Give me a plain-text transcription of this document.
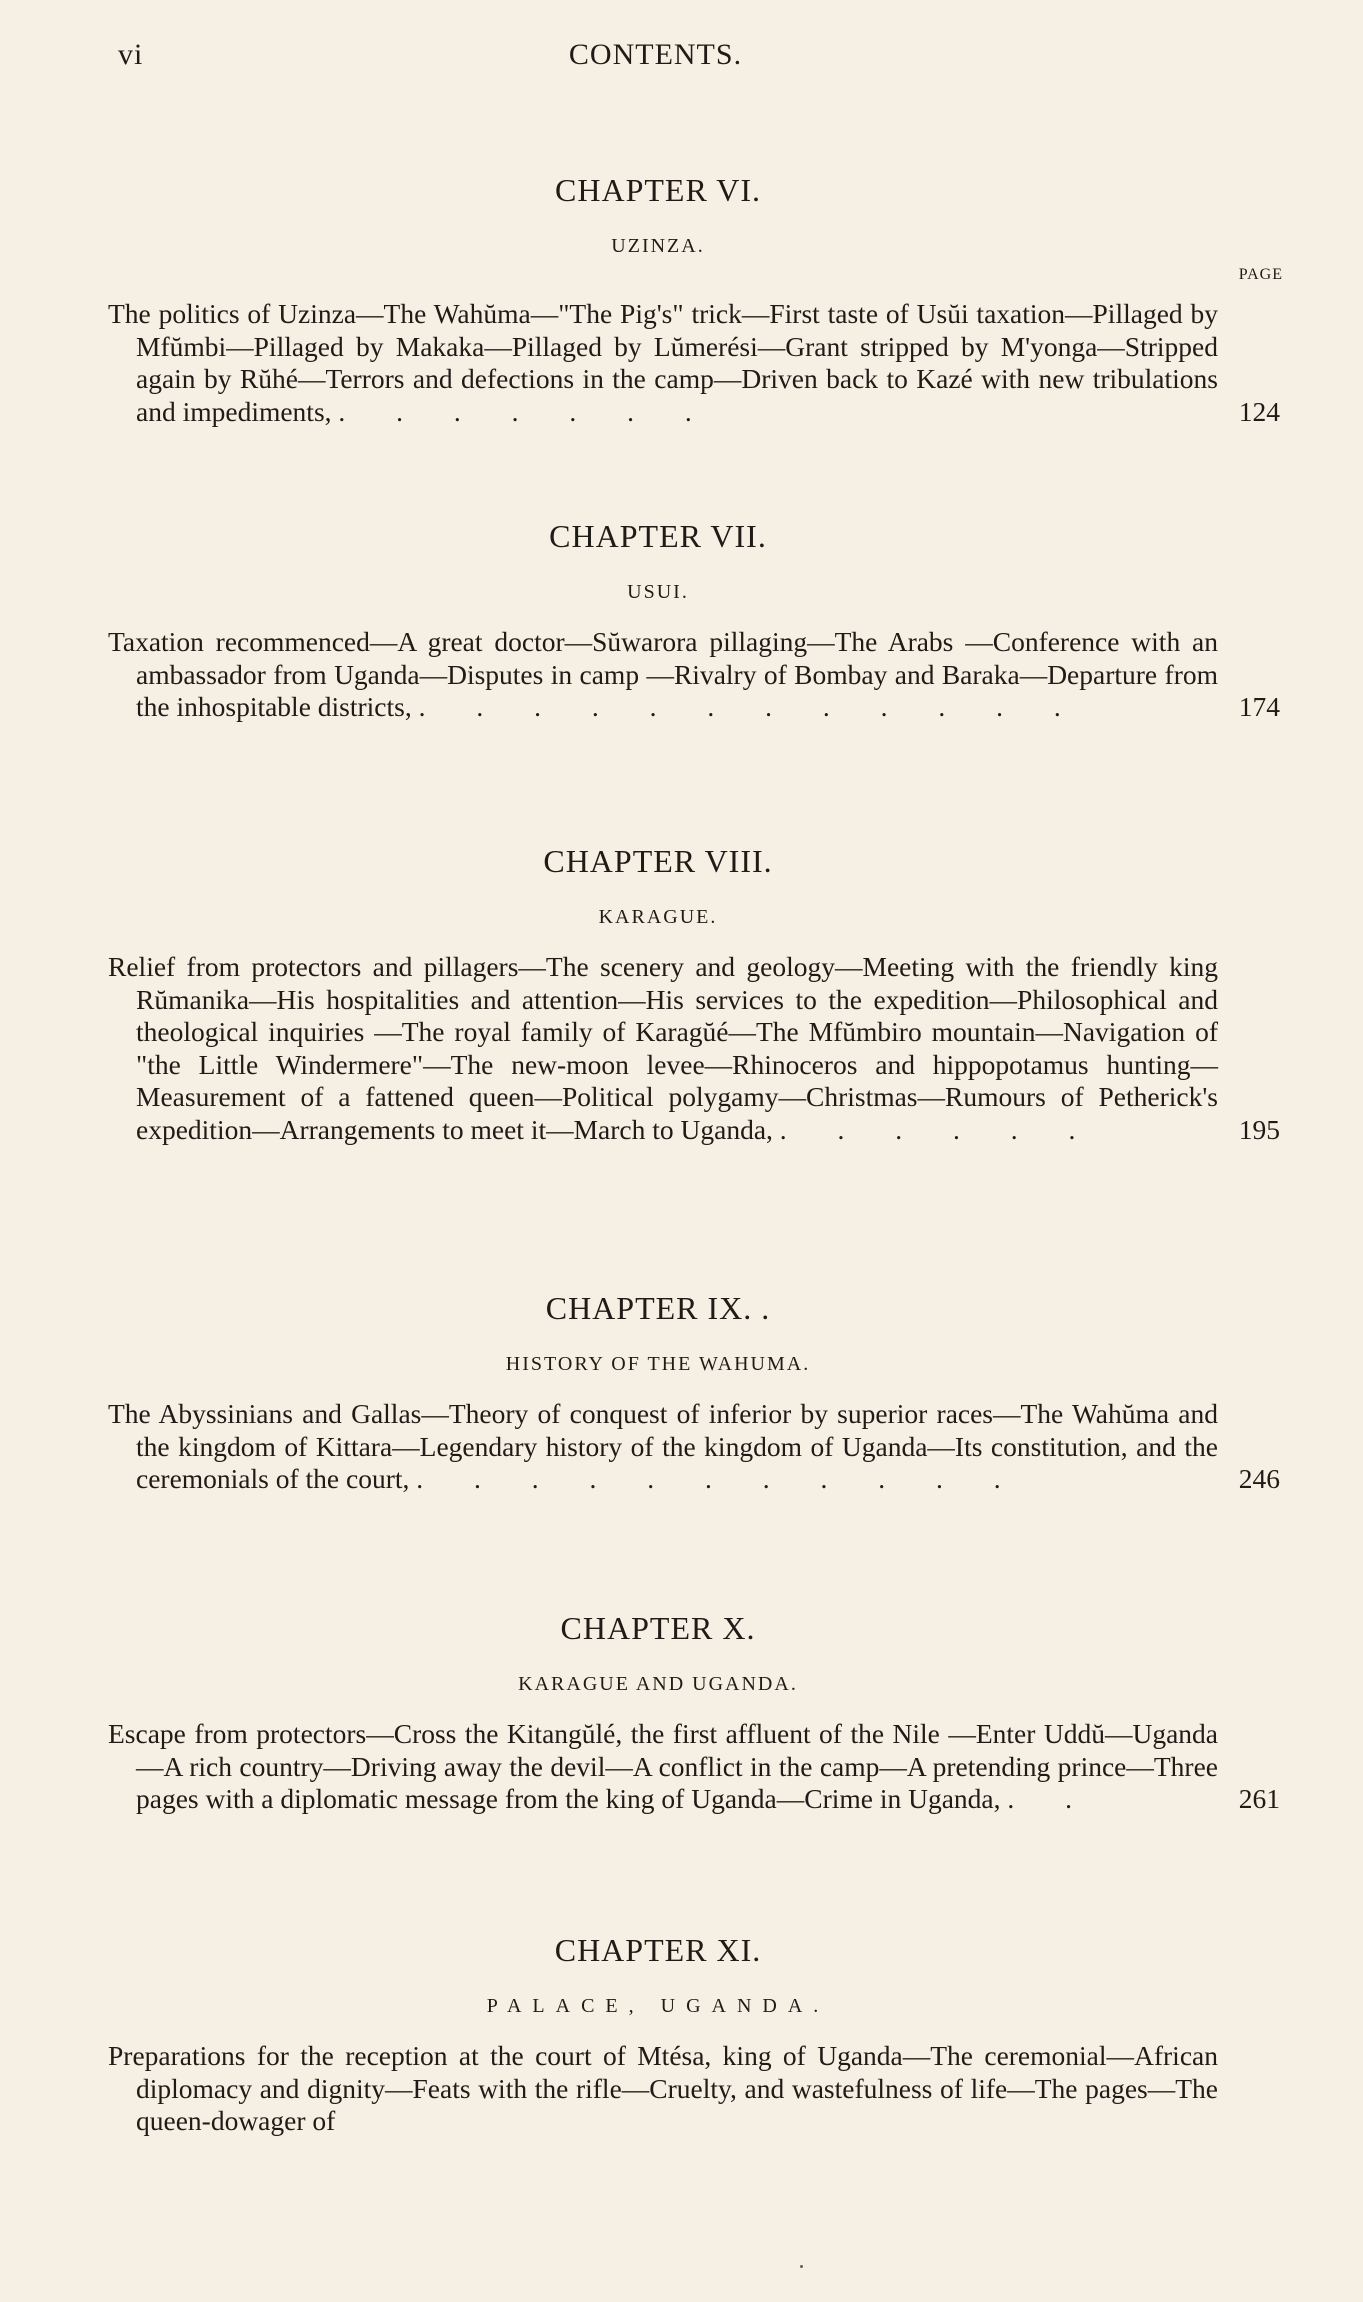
vi	CONTENTS.
PAGE
CHAPTER VI.
UZINZA.
The politics of Uzinza—The Wahŭma—"The Pig's" trick—First taste of Usŭi taxation—Pillaged by Mfŭmbi—Pillaged by Makaka—Pillaged by Lŭmerési—Grant stripped by M'yonga—Stripped again by Rŭhé—Terrors and defections in the camp—Driven back to Kazé with new tribulations and impediments, . . . . . . .	124
CHAPTER VII.
USUI.
Taxation recommenced—A great doctor—Sŭwarora pillaging—The Arabs —Conference with an ambassador from Uganda—Disputes in camp —Rivalry of Bombay and Baraka—Departure from the inhospitable districts, . . . . . . . . . . . .	174
CHAPTER VIII.
KARAGUE.
Relief from protectors and pillagers—The scenery and geology—Meeting with the friendly king Rŭmanika—His hospitalities and attention—His services to the expedition—Philosophical and theological inquiries —The royal family of Karagŭé—The Mfŭmbiro mountain—Navigation of "the Little Windermere"—The new-moon levee—Rhinoceros and hippopotamus hunting—Measurement of a fattened queen—Political polygamy—Christmas—Rumours of Petherick's expedition—Arrangements to meet it—March to Uganda, . . . . . .	195
CHAPTER IX. .
HISTORY OF THE WAHUMA.
The Abyssinians and Gallas—Theory of conquest of inferior by superior races—The Wahŭma and the kingdom of Kittara—Legendary history of the kingdom of Uganda—Its constitution, and the ceremonials of the court, . . . . . . . . . . .	246
CHAPTER X.
KARAGUE AND UGANDA.
Escape from protectors—Cross the Kitangŭlé, the first affluent of the Nile —Enter Uddŭ—Uganda—A rich country—Driving away the devil—A conflict in the camp—A pretending prince—Three pages with a diplomatic message from the king of Uganda—Crime in Uganda, . .	261
CHAPTER XI.
PALACE, UGANDA.
Preparations for the reception at the court of Mtésa, king of Uganda—The ceremonial—African diplomacy and dignity—Feats with the rifle—Cruelty, and wastefulness of life—The pages—The queen-dowager of
